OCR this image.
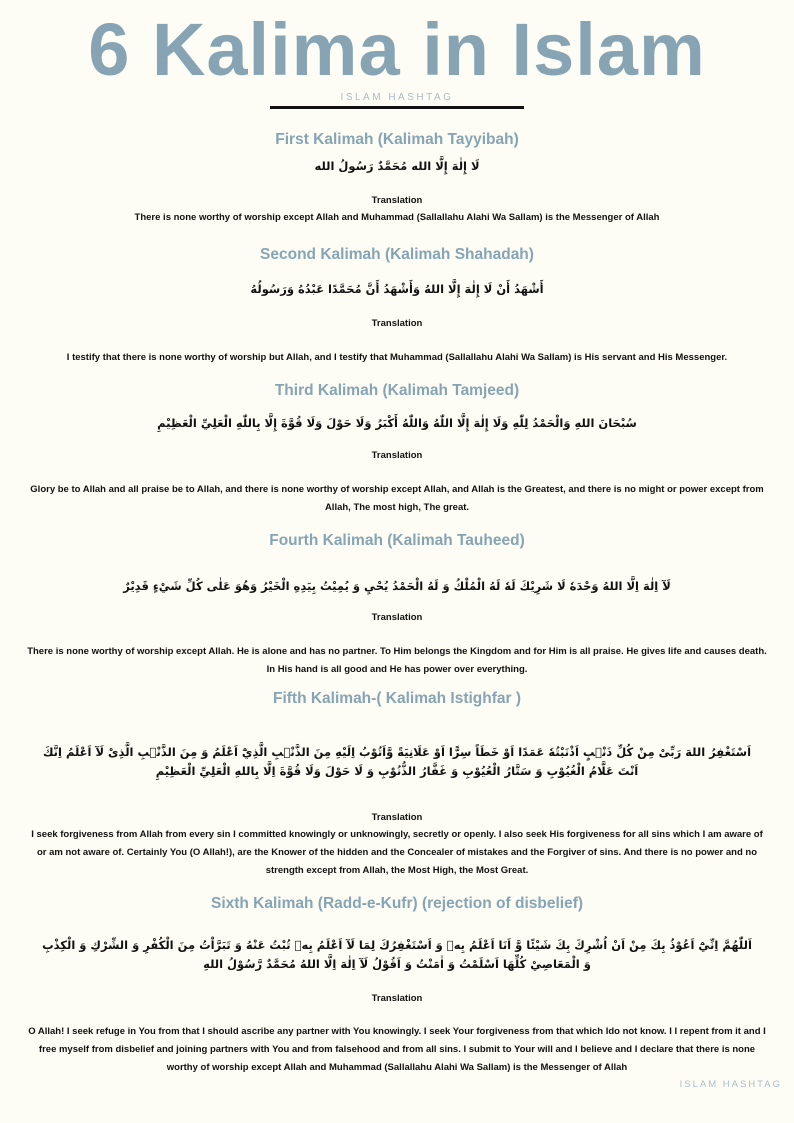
6 Kalima in Islam
ISLAM HASHTAG
First Kalimah (Kalimah Tayyibah)
لَا إِلٰهَ إِلَّا الله مُحَمَّدٌ رَسُولُ الله
Translation
There is none worthy of worship except Allah and Muhammad (Sallallahu Alahi Wa Sallam) is the Messenger of Allah
Second Kalimah (Kalimah Shahadah)
أَشْهَدُ أَنْ لَا إِلٰهَ إِلَّا اللهُ وَأَشْهَدُ أَنَّ مُحَمَّدًا عَبْدُهُ وَرَسُولُهُ
Translation
I testify that there is none worthy of worship but Allah, and I testify that Muhammad (Sallallahu Alahi Wa Sallam) is His servant and His Messenger.
Third Kalimah (Kalimah Tamjeed)
سُبْحَانَ اللهِ وَالْحَمْدُ لِلّٰهِ وَلَا إِلٰهَ إِلَّا اللّٰهُ وَاللّٰهُ أَكْبَرُ وَلَا حَوْلَ وَلَا قُوَّةَ إِلَّا بِاللّٰهِ الْعَلِيِّ الْعَظِيْمِ
Translation
Glory be to Allah and all praise be to Allah, and there is none worthy of worship except Allah, and Allah is the Greatest, and there is no might or power except from Allah, The most high, The great.
Fourth Kalimah (Kalimah Tauheed)
لَآ اِلٰهَ اِلَّا اللهُ وَحْدَهٗ لَا شَرِيْكَ لَهٗ لَهُ الْمُلْكُ وَ لَهُ الْحَمْدُ يُحْيِ وَ يُمِيْتُ بِيَدِهِ الْخَيْرُ وَهُوَ عَلٰى كُلِّ شَيْءٍ قَدِيْرٌ
Translation
There is none worthy of worship except Allah. He is alone and has no partner. To Him belongs the Kingdom and for Him is all praise. He gives life and causes death. In His hand is all good and He has power over everything.
Fifth Kalimah-( Kalimah Istighfar )
اَسْتَغْفِرُ اللهَ رَبِّىْ مِنْ كُلِّ ذَنْۢبٍ اَذْنَبْتُهٗ عَمَدًا اَوْ خَطَاً سِرًّا اَوْ عَلَانِيَةً وَّاَتُوْبُ اِلَيْهِ مِنَ الذَّنْۢبِ الَّذِيْٓ اَعْلَمُ وَ مِنَ الذَّنْۢبِ الَّذِىْ لَآ اَعْلَمُ اِنَّكَ اَنْتَ عَلَّامُ الْغُيُوْبِ وَ سَتَّارُ الْعُيُوْبِ وَ غَفَّارُ الذُّنُوْبِ وَ لَا حَوْلَ وَلَا قُوَّةَ اِلَّا بِاللهِ الْعَلِيِّ الْعَظِيْمِ
Translation
I seek forgiveness from Allah from every sin I committed knowingly or unknowingly, secretly or openly. I also seek His forgiveness for all sins which I am aware of or am not aware of. Certainly You (O Allah!), are the Knower of the hidden and the Concealer of mistakes and the Forgiver of sins. And there is no power and no strength except from Allah, the Most High, the Most Great.
Sixth Kalimah (Radd-e-Kufr) (rejection of disbelief)
اَللّٰهُمَّ اِنِّيْٓ اَعُوْذُ بِكَ مِنْ اَنْ اُشْرِكَ بِكَ شَيْئًا وَّ اَنَا اَعْلَمُ بِهٖ وَ اَسْتَغْفِرُكَ لِمَا لَآ اَعْلَمُ بِهٖ تُبْتُ عَنْهُ وَ تَبَرَّاْتُ مِنَ الْكُفْرِ وَ الشِّرْكِ وَ الْكِذْبِ وَ الْمَعَاصِيْ كُلِّهَا اَسْلَمْتُ وَ اٰمَنْتُ وَ اَقُوْلُ لَآ اِلٰهَ اِلَّا اللهُ مُحَمَّدٌ رَّسُوْلُ اللهِ
Translation
O Allah! I seek refuge in You from that I should ascribe any partner with You knowingly. I seek Your forgiveness from that which Ido not know. I I repent from it and I free myself from disbelief and joining partners with You and from falsehood and from all sins. I submit to Your will and I believe and I declare that there is none worthy of worship except Allah and Muhammad (Sallallahu Alahi Wa Sallam) is the Messenger of Allah
ISLAM HASHTAG
